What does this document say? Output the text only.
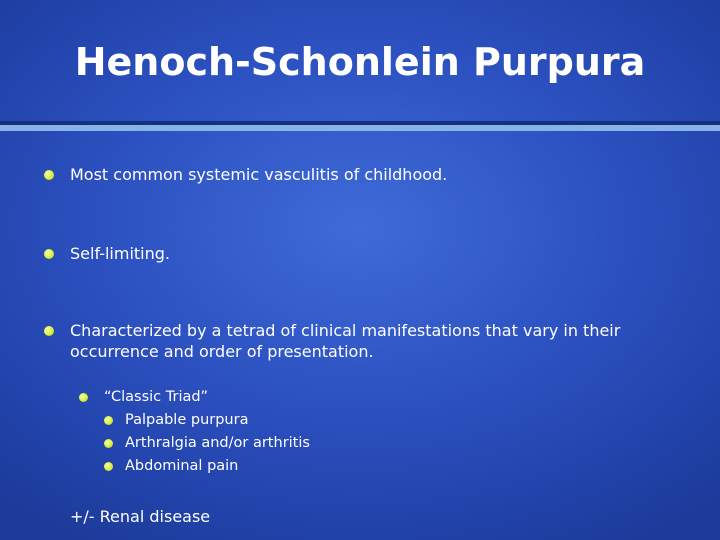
Henoch-Schonlein Purpura
Most common systemic vasculitis of childhood.
Self-limiting.
Characterized by a tetrad of clinical manifestations that vary in their
occurrence and order of presentation.
“Classic Triad”
Palpable purpura
Arthralgia and/or arthritis
Abdominal pain
+/- Renal disease
